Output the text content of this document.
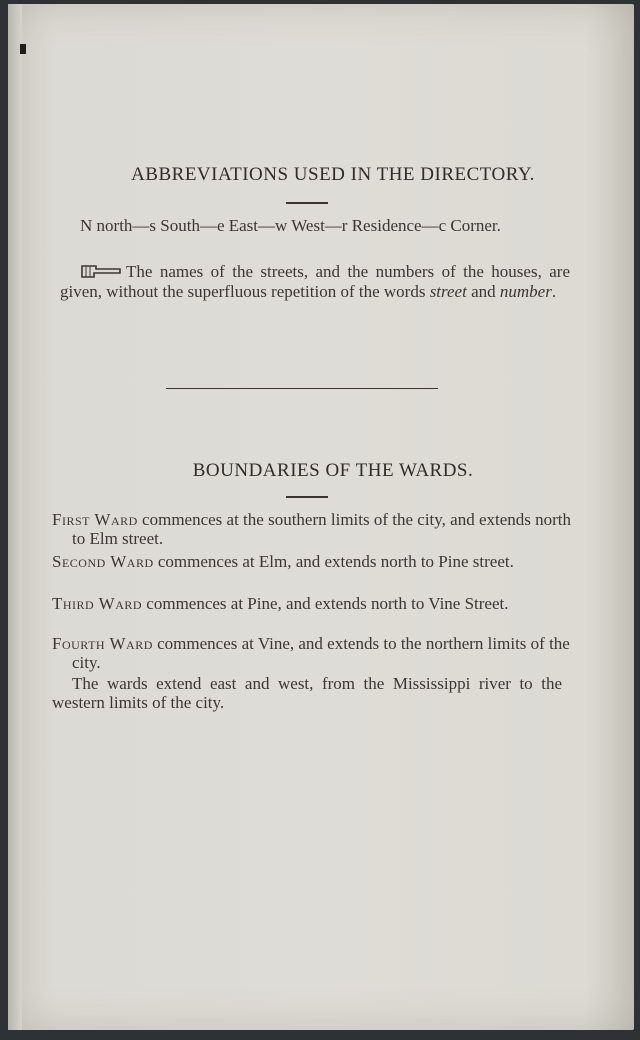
ABBREVIATIONS USED IN THE DIRECTORY.
N north—s South—e East—w West—r Residence—c Corner.
The names of the streets, and the numbers of the houses, are given, without the superfluous repetition of the words street and number.
BOUNDARIES OF THE WARDS.
First Ward commences at the southern limits of the city, and extends north to Elm street.
Second Ward commences at Elm, and extends north to Pine street.
Third Ward commences at Pine, and extends north to Vine Street.
Fourth Ward commences at Vine, and extends to the northern limits of the city.
The wards extend east and west, from the Mississippi river to the western limits of the city.
